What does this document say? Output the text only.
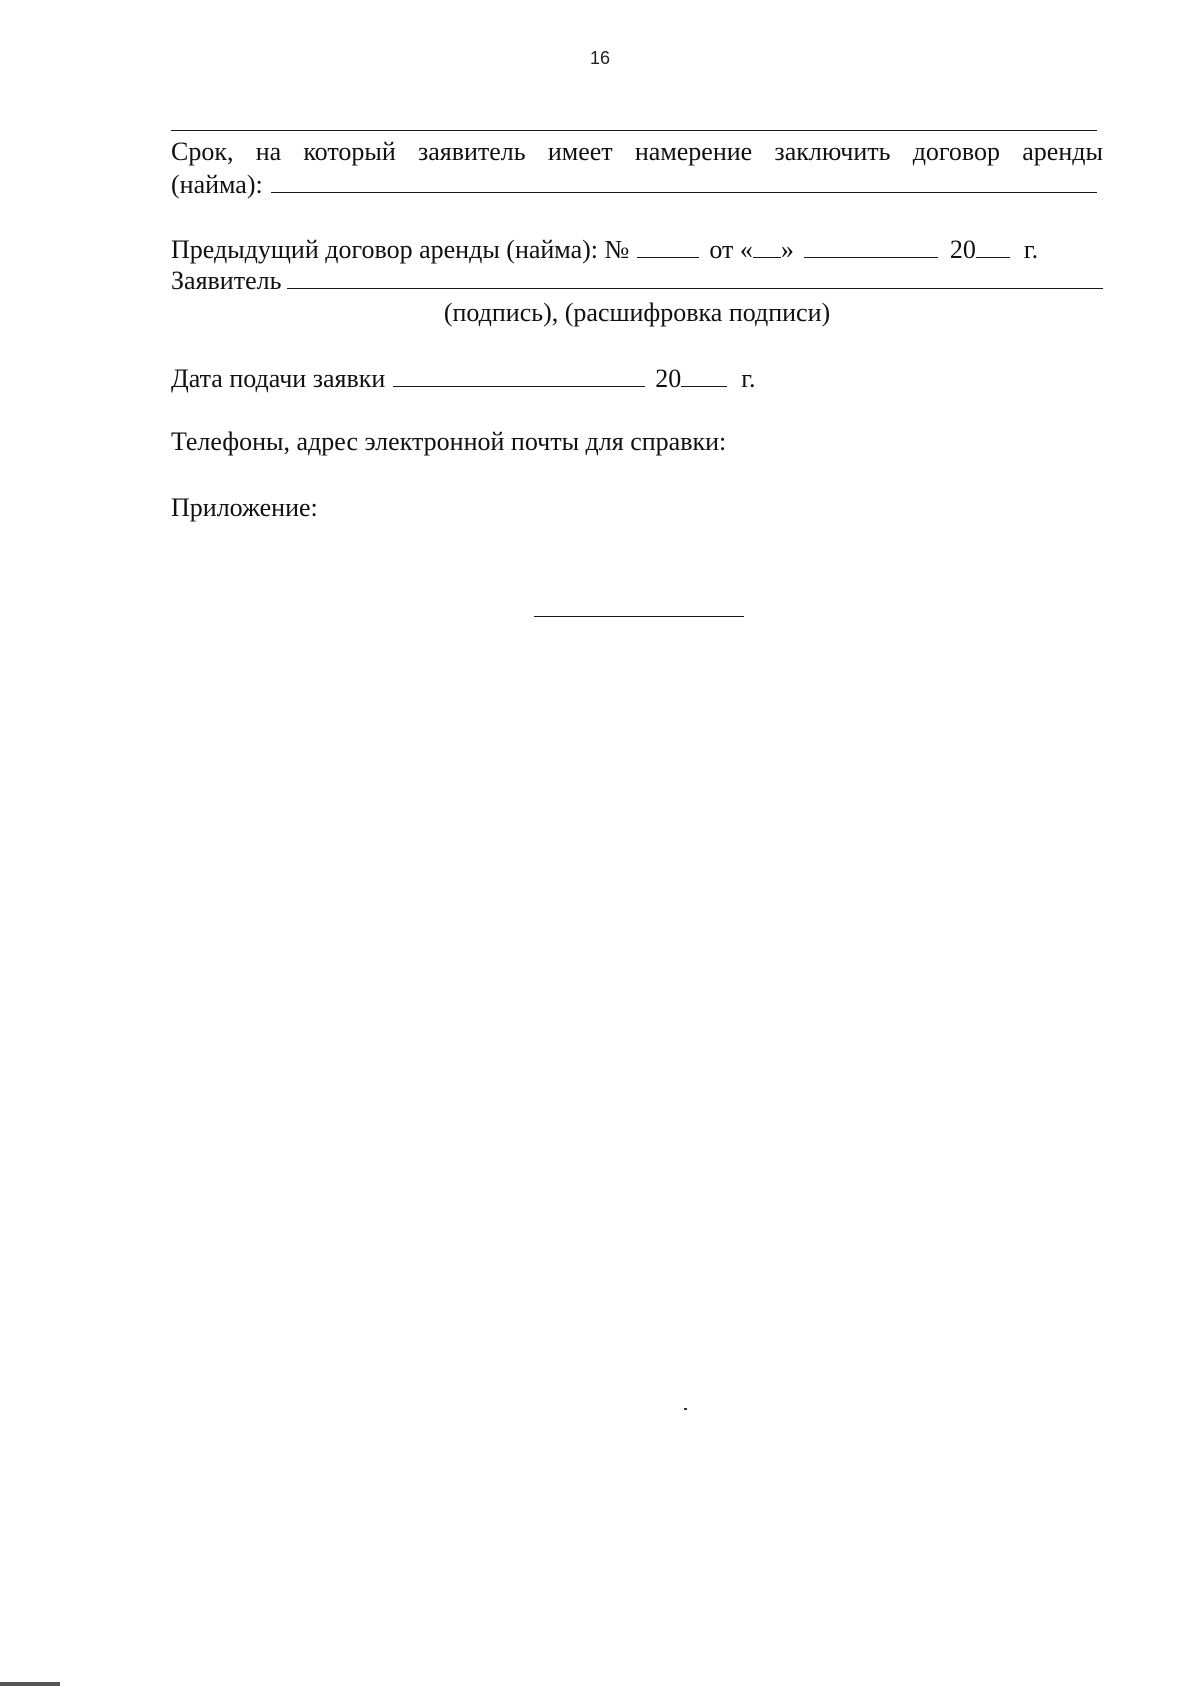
16
Срок, на который заявитель имеет намерение заключить договор аренды
(найма):
Предыдущий договор аренды (найма): №	от « »	20 г.
Заявитель
(подпись), (расшифровка подписи)
Дата подачи заявки	20 г.
Телефоны, адрес электронной почты для справки:
Приложение:
